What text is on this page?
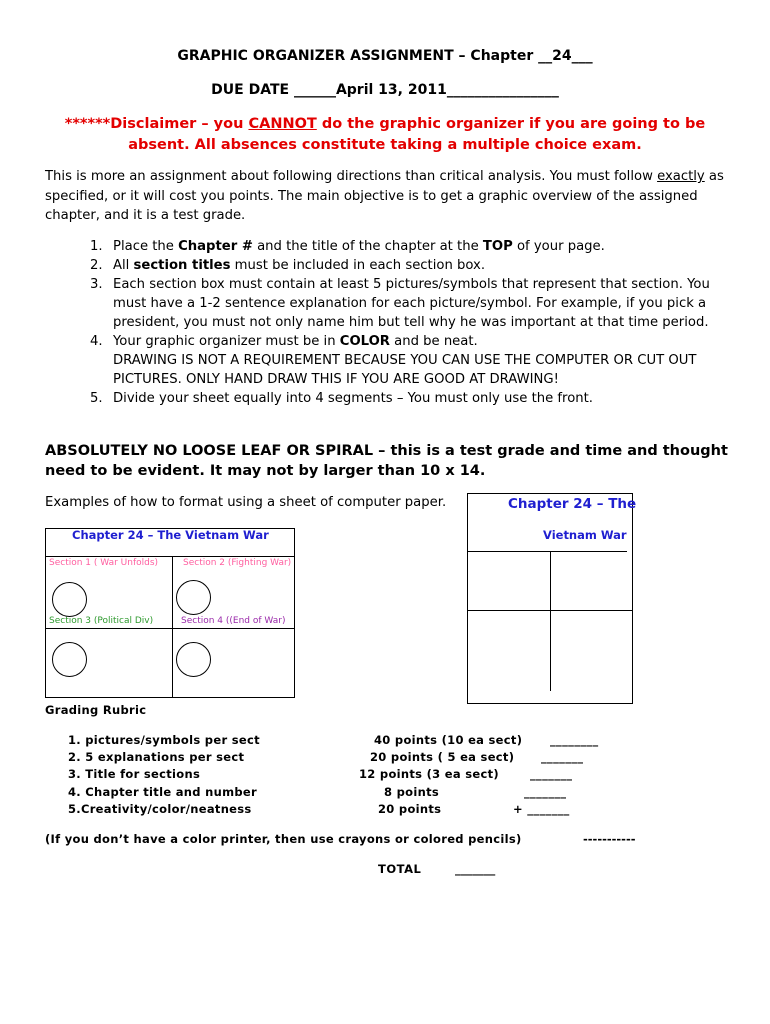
GRAPHIC ORGANIZER ASSIGNMENT – Chapter __24___
DUE DATE ______April 13, 2011________________
******Disclaimer – you CANNOT do the graphic organizer if you are going to be absent. All absences constitute taking a multiple choice exam.
This is more an assignment about following directions than critical analysis. You must follow exactly as specified, or it will cost you points. The main objective is to get a graphic overview of the assigned chapter, and it is a test grade.
1. Place the Chapter # and the title of the chapter at the TOP of your page.
2. All section titles must be included in each section box.
3. Each section box must contain at least 5 pictures/symbols that represent that section. You must have a 1-2 sentence explanation for each picture/symbol. For example, if you pick a president, you must not only name him but tell why he was important at that time period.
4. Your graphic organizer must be in COLOR and be neat.
DRAWING IS NOT A REQUIREMENT BECAUSE YOU CAN USE THE COMPUTER OR CUT OUT PICTURES. ONLY HAND DRAW THIS IF YOU ARE GOOD AT DRAWING!
5. Divide your sheet equally into 4 segments – You must only use the front.
ABSOLUTELY NO LOOSE LEAF OR SPIRAL – this is a test grade and time and thought need to be evident. It may not by larger than 10 x 14.
Examples of how to format using a sheet of computer paper.
Chapter 24 – The Vietnam War
Section 1 ( War Unfolds)	Section 2 (Fighting War)
Section 3 (Political Div)	Section 4 ((End of War)
Chapter 24 – The
Vietnam War
Grading Rubric
1. pictures/symbols per sect	40 points (10 ea sect) ________
2. 5 explanations per sect	20 points ( 5 ea sect) _______
3. Title for sections	12 points (3 ea sect)	_______
4. Chapter title and number	8 points	_______
5.Creativity/color/neatness	20 points	+ _______
(If you don’t have a color printer, then use crayons or colored pencils)	-----------
TOTAL	_______
